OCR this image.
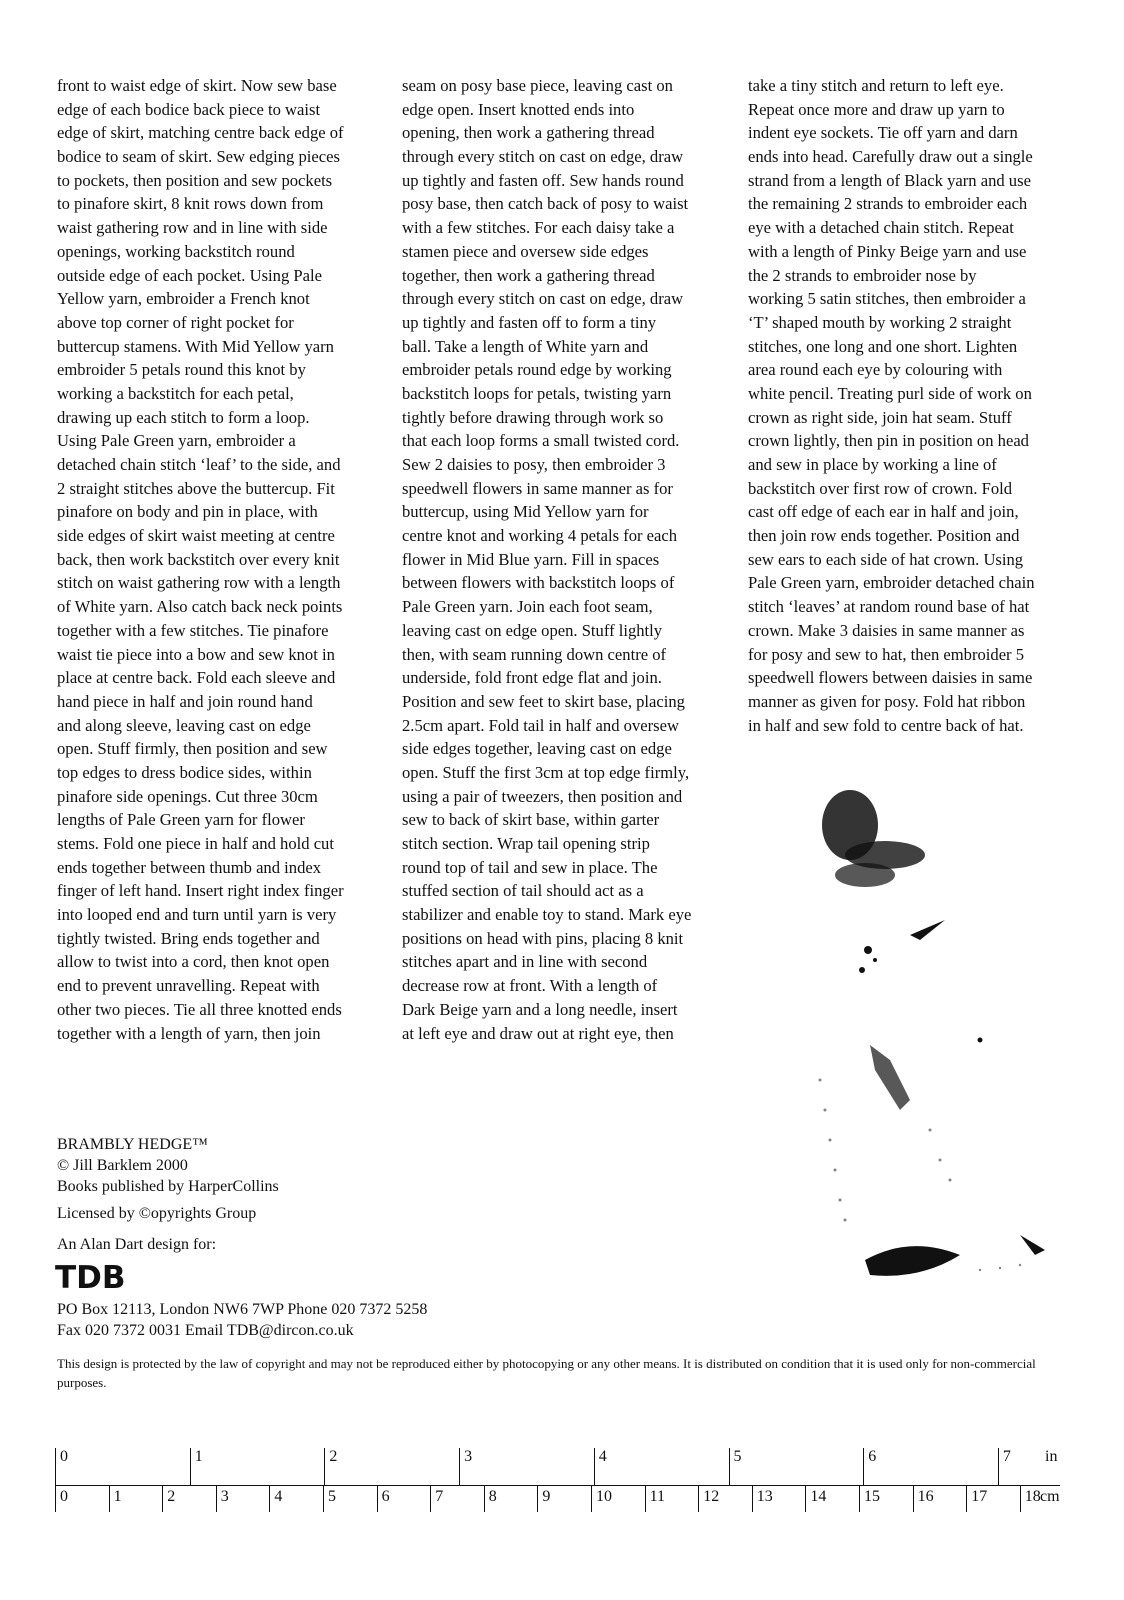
front to waist edge of skirt. Now sew base
edge of each bodice back piece to waist
edge of skirt, matching centre back edge of
bodice to seam of skirt. Sew edging pieces
to pockets, then position and sew pockets
to pinafore skirt, 8 knit rows down from
waist gathering row and in line with side
openings, working backstitch round
outside edge of each pocket. Using Pale
Yellow yarn, embroider a French knot
above top corner of right pocket for
buttercup stamens. With Mid Yellow yarn
embroider 5 petals round this knot by
working a backstitch for each petal,
drawing up each stitch to form a loop.
Using Pale Green yarn, embroider a
detached chain stitch ‘leaf’ to the side, and
2 straight stitches above the buttercup. Fit
pinafore on body and pin in place, with
side edges of skirt waist meeting at centre
back, then work backstitch over every knit
stitch on waist gathering row with a length
of White yarn. Also catch back neck points
together with a few stitches. Tie pinafore
waist tie piece into a bow and sew knot in
place at centre back. Fold each sleeve and
hand piece in half and join round hand
and along sleeve, leaving cast on edge
open. Stuff firmly, then position and sew
top edges to dress bodice sides, within
pinafore side openings. Cut three 30cm
lengths of Pale Green yarn for flower
stems. Fold one piece in half and hold cut
ends together between thumb and index
finger of left hand. Insert right index finger
into looped end and turn until yarn is very
tightly twisted. Bring ends together and
allow to twist into a cord, then knot open
end to prevent unravelling. Repeat with
other two pieces. Tie all three knotted ends
together with a length of yarn, then join
seam on posy base piece, leaving cast on
edge open. Insert knotted ends into
opening, then work a gathering thread
through every stitch on cast on edge, draw
up tightly and fasten off. Sew hands round
posy base, then catch back of posy to waist
with a few stitches. For each daisy take a
stamen piece and oversew side edges
together, then work a gathering thread
through every stitch on cast on edge, draw
up tightly and fasten off to form a tiny
ball. Take a length of White yarn and
embroider petals round edge by working
backstitch loops for petals, twisting yarn
tightly before drawing through work so
that each loop forms a small twisted cord.
Sew 2 daisies to posy, then embroider 3
speedwell flowers in same manner as for
buttercup, using Mid Yellow yarn for
centre knot and working 4 petals for each
flower in Mid Blue yarn. Fill in spaces
between flowers with backstitch loops of
Pale Green yarn. Join each foot seam,
leaving cast on edge open. Stuff lightly
then, with seam running down centre of
underside, fold front edge flat and join.
Position and sew feet to skirt base, placing
2.5cm apart. Fold tail in half and oversew
side edges together, leaving cast on edge
open. Stuff the first 3cm at top edge firmly,
using a pair of tweezers, then position and
sew to back of skirt base, within garter
stitch section. Wrap tail opening strip
round top of tail and sew in place. The
stuffed section of tail should act as a
stabilizer and enable toy to stand. Mark eye
positions on head with pins, placing 8 knit
stitches apart and in line with second
decrease row at front. With a length of
Dark Beige yarn and a long needle, insert
at left eye and draw out at right eye, then
take a tiny stitch and return to left eye.
Repeat once more and draw up yarn to
indent eye sockets. Tie off yarn and darn
ends into head. Carefully draw out a single
strand from a length of Black yarn and use
the remaining 2 strands to embroider each
eye with a detached chain stitch. Repeat
with a length of Pinky Beige yarn and use
the 2 strands to embroider nose by
working 5 satin stitches, then embroider a
‘T’ shaped mouth by working 2 straight
stitches, one long and one short. Lighten
area round each eye by colouring with
white pencil. Treating purl side of work on
crown as right side, join hat seam. Stuff
crown lightly, then pin in position on head
and sew in place by working a line of
backstitch over first row of crown. Fold
cast off edge of each ear in half and join,
then join row ends together. Position and
sew ears to each side of hat crown. Using
Pale Green yarn, embroider detached chain
stitch ‘leaves’ at random round base of hat
crown. Make 3 daisies in same manner as
for posy and sew to hat, then embroider 5
speedwell flowers between daisies in same
manner as given for posy. Fold hat ribbon
in half and sew fold to centre back of hat.
BRAMBLY HEDGE™
© Jill Barklem 2000
Books published by HarperCollins
Licensed by ©opyrights Group
An Alan Dart design for:
TDB
PO Box 12113, London NW6 7WP Phone 020 7372 5258
Fax 020 7372 0031 Email TDB@dircon.co.uk
This design is protected by the law of copyright and may not be reproduced either by photocopying or any other means. It is distributed on condition that it is used only for non-commercial purposes.
0	1	2	3	4	5	6	7 in
0	1	2	3	4	5	6	7	8	9	10 11 12 13 14 15 16 17 18 cm
